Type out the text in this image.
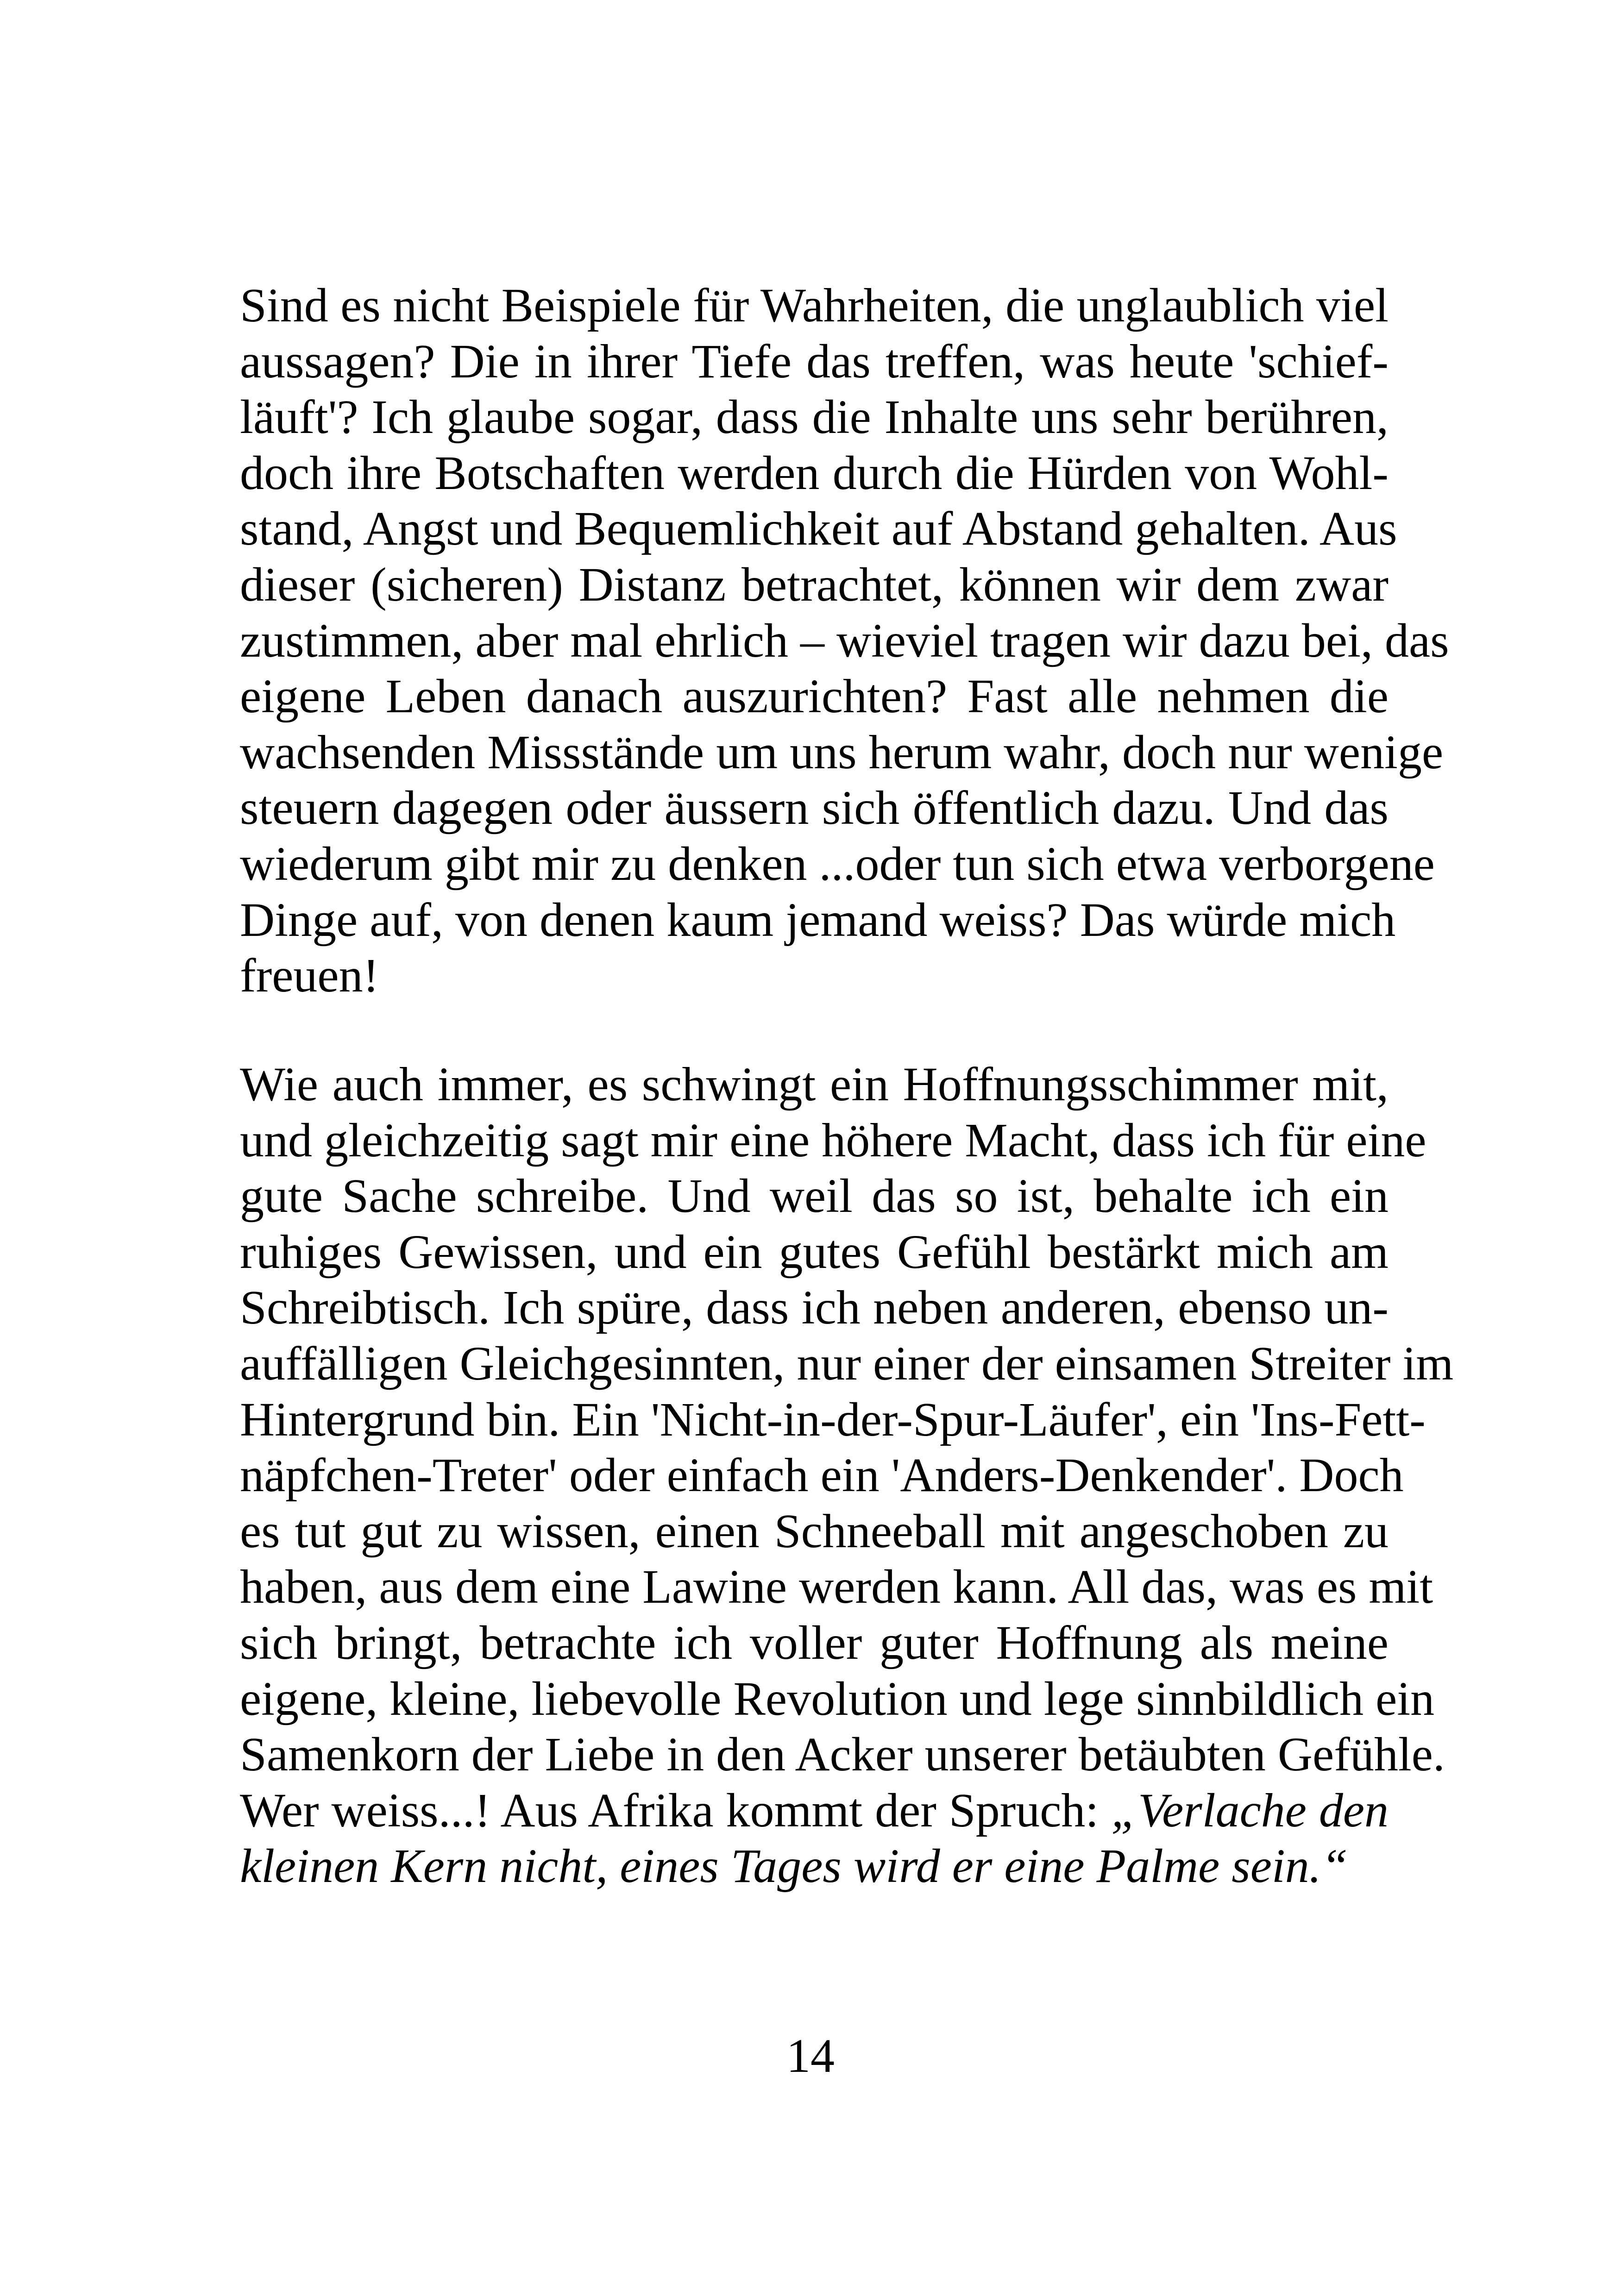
Sind es nicht Beispiele für Wahrheiten, die unglaublich viel
aussagen? Die in ihrer Tiefe das treffen, was heute 'schief-
läuft'? Ich glaube sogar, dass die Inhalte uns sehr berühren,
doch ihre Botschaften werden durch die Hürden von Wohl-
stand, Angst und Bequemlichkeit auf Abstand gehalten. Aus
dieser (sicheren) Distanz betrachtet, können wir dem zwar
zustimmen, aber mal ehrlich – wieviel tragen wir dazu bei, das
eigene Leben danach auszurichten? Fast alle nehmen die
wachsenden Missstände um uns herum wahr, doch nur wenige
steuern dagegen oder äussern sich öffentlich dazu. Und das
wiederum gibt mir zu denken ...oder tun sich etwa verborgene
Dinge auf, von denen kaum jemand weiss? Das würde mich
freuen!
Wie auch immer, es schwingt ein Hoffnungsschimmer mit,
und gleichzeitig sagt mir eine höhere Macht, dass ich für eine
gute Sache schreibe. Und weil das so ist, behalte ich ein
ruhiges Gewissen, und ein gutes Gefühl bestärkt mich am
Schreibtisch. Ich spüre, dass ich neben anderen, ebenso un-
auffälligen Gleichgesinnten, nur einer der einsamen Streiter im
Hintergrund bin. Ein 'Nicht-in-der-Spur-Läufer', ein 'Ins-Fett-
näpfchen-Treter' oder einfach ein 'Anders-Denkender'. Doch
es tut gut zu wissen, einen Schneeball mit angeschoben zu
haben, aus dem eine Lawine werden kann. All das, was es mit
sich bringt, betrachte ich voller guter Hoffnung als meine
eigene, kleine, liebevolle Revolution und lege sinnbildlich ein
Samenkorn der Liebe in den Acker unserer betäubten Gefühle.
Wer weiss...! Aus Afrika kommt der Spruch: „Verlache den
kleinen Kern nicht, eines Tages wird er eine Palme sein.“
14
